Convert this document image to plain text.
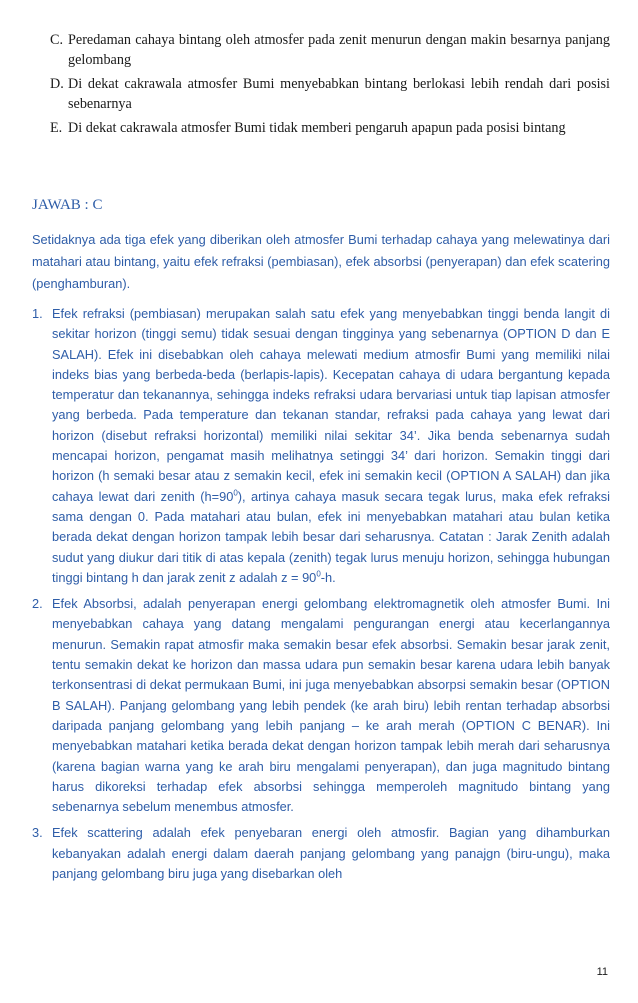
C. Peredaman cahaya bintang oleh atmosfer pada zenit menurun dengan makin besarnya panjang gelombang
D. Di dekat cakrawala atmosfer Bumi menyebabkan bintang berlokasi lebih rendah dari posisi sebenarnya
E. Di dekat cakrawala atmosfer Bumi tidak memberi pengaruh apapun pada posisi bintang
JAWAB : C

Setidaknya ada tiga efek yang diberikan oleh atmosfer Bumi terhadap cahaya yang melewatinya dari matahari atau bintang, yaitu efek refraksi (pembiasan), efek absorbsi (penyerapan) dan efek scatering (penghamburan).

1. Efek refraksi (pembiasan) merupakan salah satu efek yang menyebabkan tinggi benda langit di sekitar horizon (tinggi semu) tidak sesuai dengan tingginya yang sebenarnya (OPTION D dan E SALAH). Efek ini disebabkan oleh cahaya melewati medium atmosfir Bumi yang memiliki nilai indeks bias yang berbeda-beda (berlapis-lapis). Kecepatan cahaya di udara bergantung kepada temperatur dan tekanannya, sehingga indeks refraksi udara bervariasi untuk tiap lapisan atmosfer yang berbeda. Pada temperature dan tekanan standar, refraksi pada cahaya yang lewat dari horizon (disebut refraksi horizontal) memiliki nilai sekitar 34’. Jika benda sebenarnya sudah mencapai horizon, pengamat masih melihatnya setinggi 34’ dari horizon. Semakin tinggi dari horizon (h semaki besar atau z semakin kecil, efek ini semakin kecil (OPTION A SALAH) dan jika cahaya lewat dari zenith $(h=90^0)$, artinya cahaya masuk secara tegak lurus, maka efek refraksi sama dengan 0. Pada matahari atau bulan, efek ini menyebabkan matahari atau bulan ketika berada dekat dengan horizon tampak lebih besar dari seharusnya. Catatan : Jarak Zenith adalah sudut yang diukur dari titik di atas kepala (zenith) tegak lurus menuju horizon, sehingga hubungan tinggi bintang h dan jarak zenit z adalah $z = 90^0-h$.
2. Efek Absorbsi, adalah penyerapan energi gelombang elektromagnetik oleh atmosfer Bumi. Ini menyebabkan cahaya yang datang mengalami pengurangan energi atau kecerlangannya menurun. Semakin rapat atmosfir maka semakin besar efek absorbsi. Semakin besar jarak zenit, tentu semakin dekat ke horizon dan massa udara pun semakin besar karena udara lebih banyak terkonsentrasi di dekat permukaan Bumi, ini juga menyebabkan absorpsi semakin besar (OPTION B SALAH). Panjang gelombang yang lebih pendek (ke arah biru) lebih rentan terhadap absorbsi daripada panjang gelombang yang lebih panjang – ke arah merah (OPTION C BENAR). Ini menyebabkan matahari ketika berada dekat dengan horizon tampak lebih merah dari seharusnya (karena bagian warna yang ke arah biru mengalami penyerapan), dan juga magnitudo bintang harus dikoreksi terhadap efek absorbsi sehingga memperoleh magnitudo bintang yang sebenarnya sebelum menembus atmosfer.
3. Efek scattering adalah efek penyebaran energi oleh atmosfir. Bagian yang dihamburkan kebanyakan adalah energi dalam daerah panjang gelombang yang panajgn (biru-ungu), maka panjang gelombang biru juga yang disebarkan oleh
11
